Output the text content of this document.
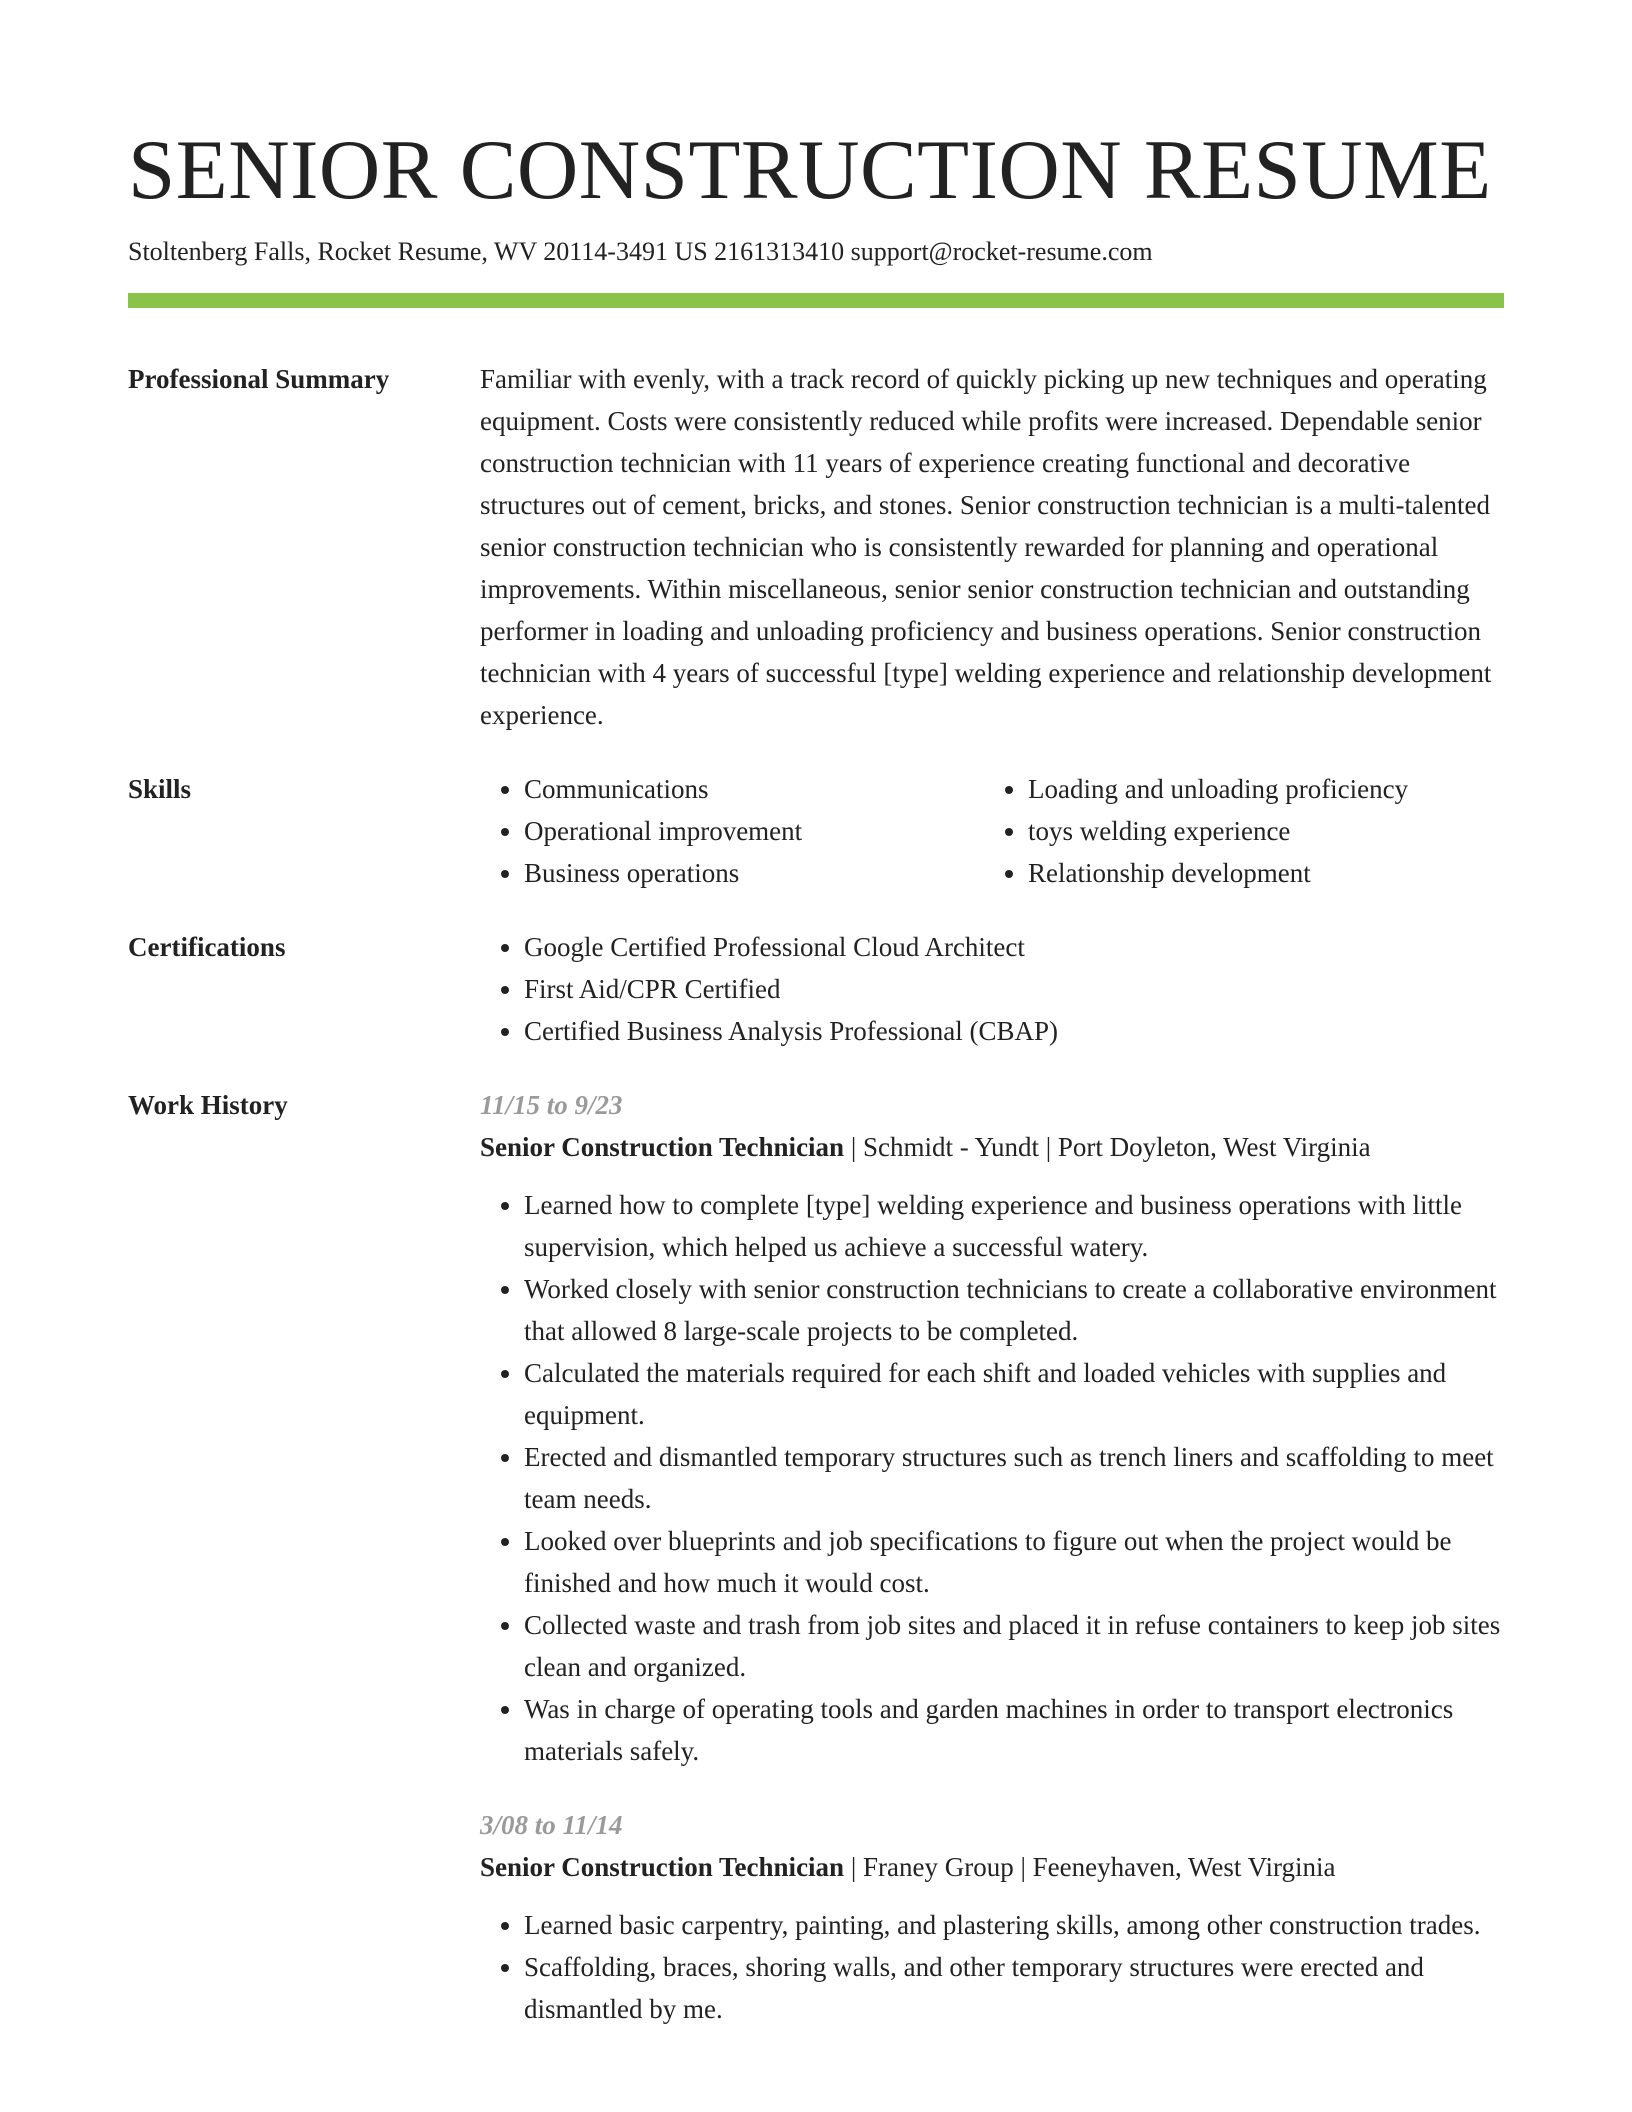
SENIOR CONSTRUCTION RESUME
Stoltenberg Falls, Rocket Resume, WV 20114-3491 US 2161313410 support@rocket-resume.com
Professional Summary	Familiar with evenly, with a track record of quickly picking up new techniques and operating equipment. Costs were consistently reduced while profits were increased. Dependable senior construction technician with 11 years of experience creating functional and decorative structures out of cement, bricks, and stones. Senior construction technician is a multi-talented senior construction technician who is consistently rewarded for planning and operational improvements. Within miscellaneous, senior senior construction technician and outstanding performer in loading and unloading proficiency and business operations. Senior construction technician with 4 years of successful [type] welding experience and relationship development experience.
Skills	• Communications
• Operational improvement
• Business operations
• Loading and unloading proficiency
• toys welding experience
• Relationship development
Certifications	• Google Certified Professional Cloud Architect
• First Aid/CPR Certified
• Certified Business Analysis Professional (CBAP)
Work History	11/15 to 9/23
Senior Construction Technician | Schmidt - Yundt | Port Doyleton, West Virginia
• Learned how to complete [type] welding experience and business operations with little supervision, which helped us achieve a successful watery.
• Worked closely with senior construction technicians to create a collaborative environment that allowed 8 large-scale projects to be completed.
• Calculated the materials required for each shift and loaded vehicles with supplies and equipment.
• Erected and dismantled temporary structures such as trench liners and scaffolding to meet team needs.
• Looked over blueprints and job specifications to figure out when the project would be finished and how much it would cost.
• Collected waste and trash from job sites and placed it in refuse containers to keep job sites clean and organized.
• Was in charge of operating tools and garden machines in order to transport electronics materials safely.
3/08 to 11/14
Senior Construction Technician | Franey Group | Feeneyhaven, West Virginia
• Learned basic carpentry, painting, and plastering skills, among other construction trades.
• Scaffolding, braces, shoring walls, and other temporary structures were erected and dismantled by me.
